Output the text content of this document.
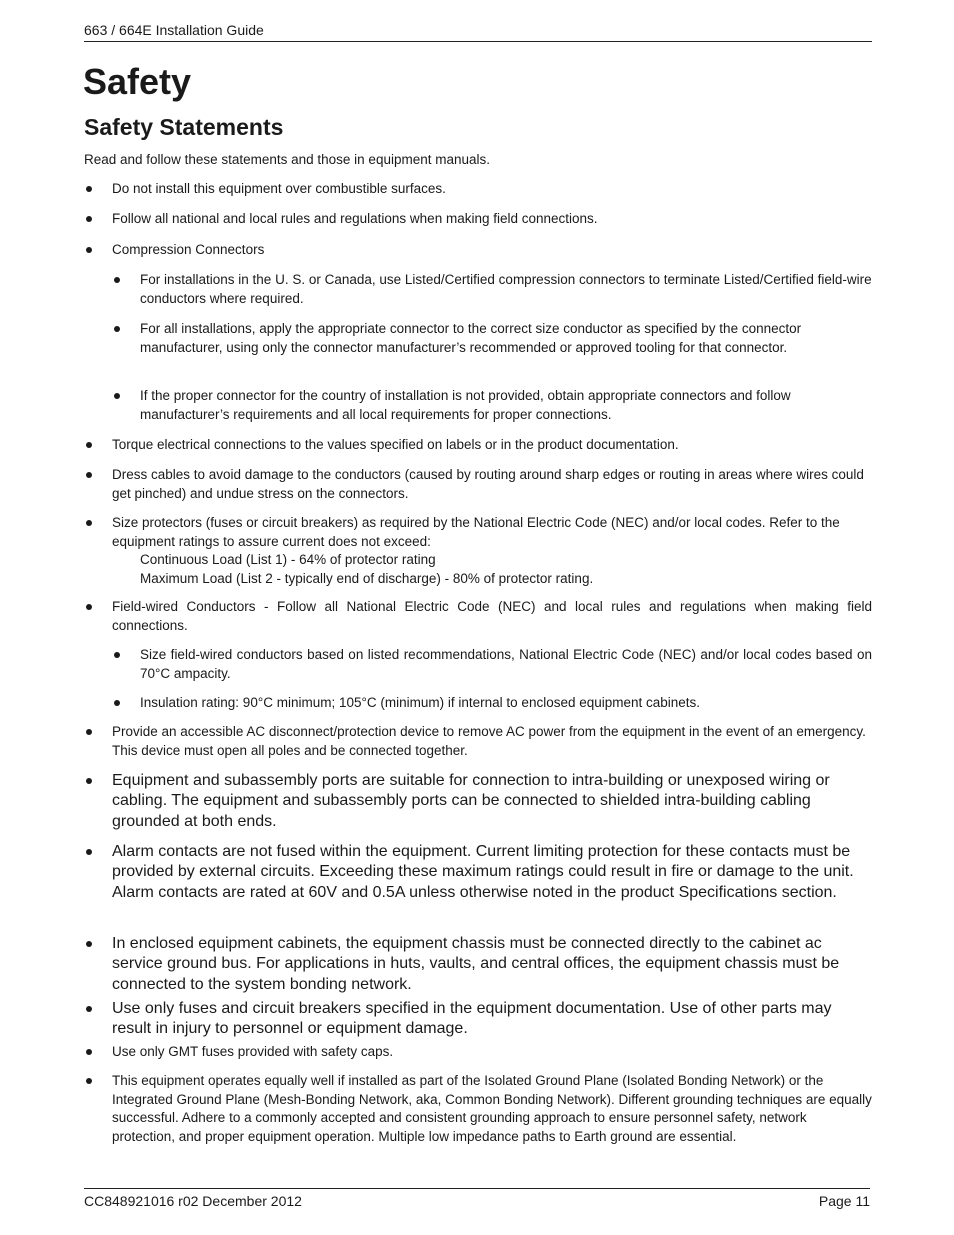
663 / 664E Installation Guide
Safety
Safety Statements
Read and follow these statements and those in equipment manuals.
Do not install this equipment over combustible surfaces.
Follow all national and local rules and regulations when making field connections.
Compression Connectors
For installations in the U. S. or Canada, use Listed/Certified compression connectors to terminate Listed/Certified field-wire conductors where required.
For all installations, apply the appropriate connector to the correct size conductor as specified by the connector manufacturer, using only the connector manufacturer’s recommended or approved tooling for that connector.
If the proper connector for the country of installation is not provided, obtain appropriate connectors and follow manufacturer’s requirements and all local requirements for proper connections.
Torque electrical connections to the values specified on labels or in the product documentation.
Dress cables to avoid damage to the conductors (caused by routing around sharp edges or routing in areas where wires could get pinched) and undue stress on the connectors.
Size protectors (fuses or circuit breakers) as required by the National Electric Code (NEC) and/or local codes. Refer to the equipment ratings to assure current does not exceed:
Continuous Load (List 1) - 64% of protector rating
Maximum Load (List 2 - typically end of discharge) - 80% of protector rating.
Field-wired Conductors - Follow all National Electric Code (NEC) and local rules and regulations when making field connections.
Size field-wired conductors based on listed recommendations, National Electric Code (NEC) and/or local codes based on 70°C ampacity.
Insulation rating: 90°C minimum; 105°C (minimum) if internal to enclosed equipment cabinets.
Provide an accessible AC disconnect/protection device to remove AC power from the equipment in the event of an emergency. This device must open all poles and be connected together.
Equipment and subassembly ports are suitable for connection to intra-building or unexposed wiring or cabling. The equipment and subassembly ports can be connected to shielded intra-building cabling grounded at both ends.
Alarm contacts are not fused within the equipment. Current limiting protection for these contacts must be provided by external circuits. Exceeding these maximum ratings could result in fire or damage to the unit. Alarm contacts are rated at 60V and 0.5A unless otherwise noted in the product Specifications section.
In enclosed equipment cabinets, the equipment chassis must be connected directly to the cabinet ac service ground bus. For applications in huts, vaults, and central offices, the equipment chassis must be connected to the system bonding network.
Use only fuses and circuit breakers specified in the equipment documentation. Use of other parts may result in injury to personnel or equipment damage.
Use only GMT fuses provided with safety caps.
This equipment operates equally well if installed as part of the Isolated Ground Plane (Isolated Bonding Network) or the Integrated Ground Plane (Mesh-Bonding Network, aka, Common Bonding Network). Different grounding techniques are equally successful. Adhere to a commonly accepted and consistent grounding approach to ensure personnel safety, network protection, and proper equipment operation. Multiple low impedance paths to Earth ground are essential.
CC848921016 r02 December 2012	Page 11
